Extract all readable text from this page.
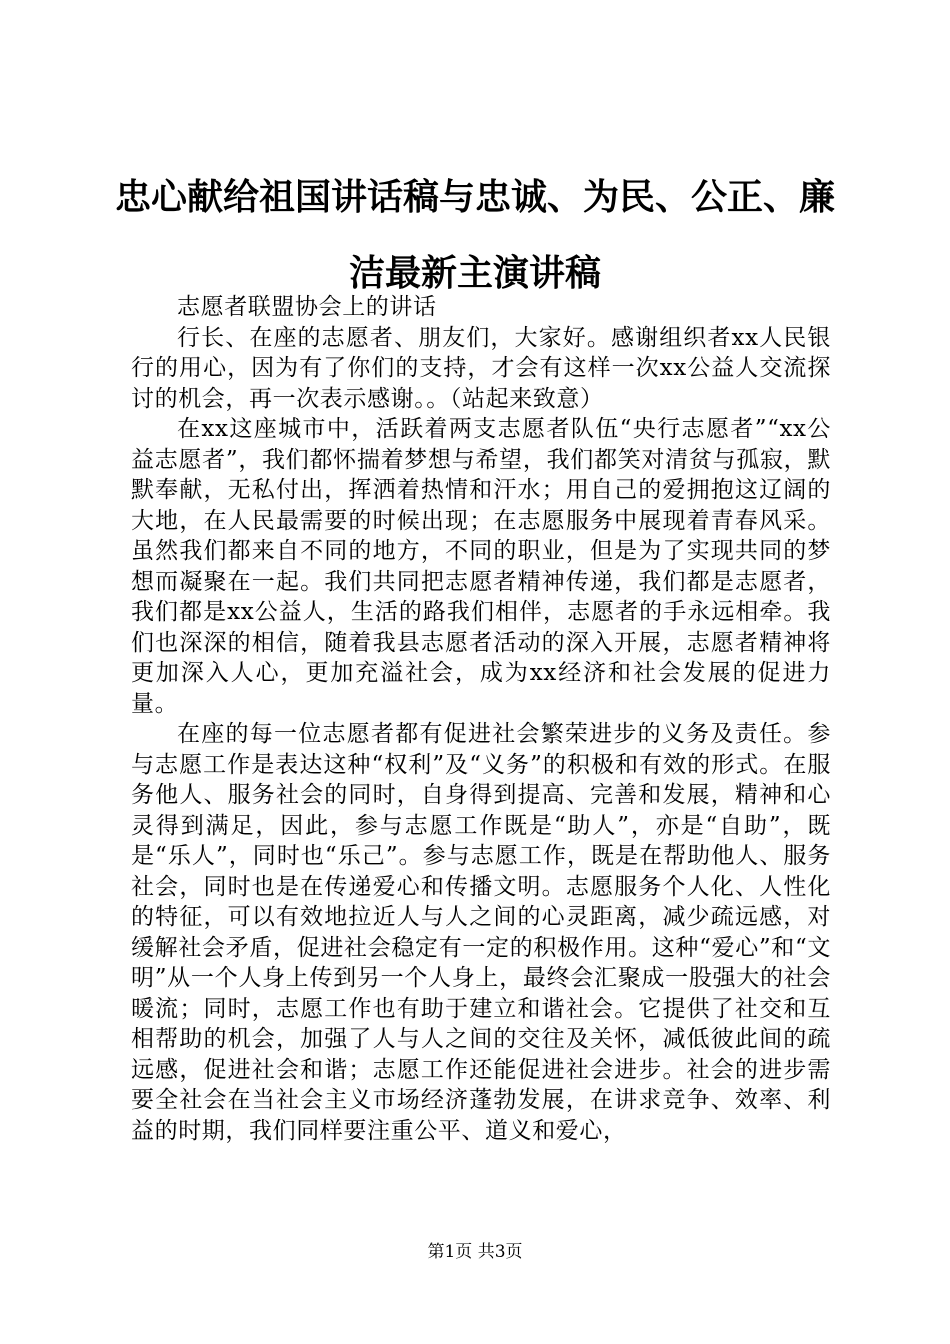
忠心献给祖国讲话稿与忠诚、为民、公正、廉洁最新主演讲稿

志愿者联盟协会上的讲话

行长、在座的志愿者、朋友们，大家好。感谢组织者xx人民银行的用心，因为有了你们的支持，才会有这样一次xx公益人交流探讨的机会，再一次表示感谢。。（站起来致意）

在xx这座城市中，活跃着两支志愿者队伍“央行志愿者”“xx公益志愿者”，我们都怀揣着梦想与希望，我们都笑对清贫与孤寂，默默奉献，无私付出，挥洒着热情和汗水；用自己的爱拥抱这辽阔的大地，在人民最需要的时候出现；在志愿服务中展现着青春风采。虽然我们都来自不同的地方，不同的职业，但是为了实现共同的梦想而凝聚在一起。我们共同把志愿者精神传递，我们都是志愿者，我们都是xx公益人，生活的路我们相伴，志愿者的手永远相牵。我们也深深的相信，随着我县志愿者活动的深入开展，志愿者精神将更加深入人心，更加充溢社会，成为xx经济和社会发展的促进力量。

在座的每一位志愿者都有促进社会繁荣进步的义务及责任。参与志愿工作是表达这种“权利”及“义务”的积极和有效的形式。在服务他人、服务社会的同时，自身得到提高、完善和发展，精神和心灵得到满足，因此，参与志愿工作既是“助人”，亦是“自助”，既是“乐人”，同时也“乐己”。参与志愿工作，既是在帮助他人、服务社会，同时也是在传递爱心和传播文明。志愿服务个人化、人性化的特征，可以有效地拉近人与人之间的心灵距离，减少疏远感，对缓解社会矛盾，促进社会稳定有一定的积极作用。这种“爱心”和“文明”从一个人身上传到另一个人身上，最终会汇聚成一股强大的社会暖流；同时，志愿工作也有助于建立和谐社会。它提供了社交和互相帮助的机会，加强了人与人之间的交往及关怀，减低彼此间的疏远感，促进社会和谐；志愿工作还能促进社会进步。社会的进步需要全社会在当社会主义市场经济蓬勃发展，在讲求竞争、效率、利益的时期，我们同样要注重公平、道义和爱心，

第1页 共3页
